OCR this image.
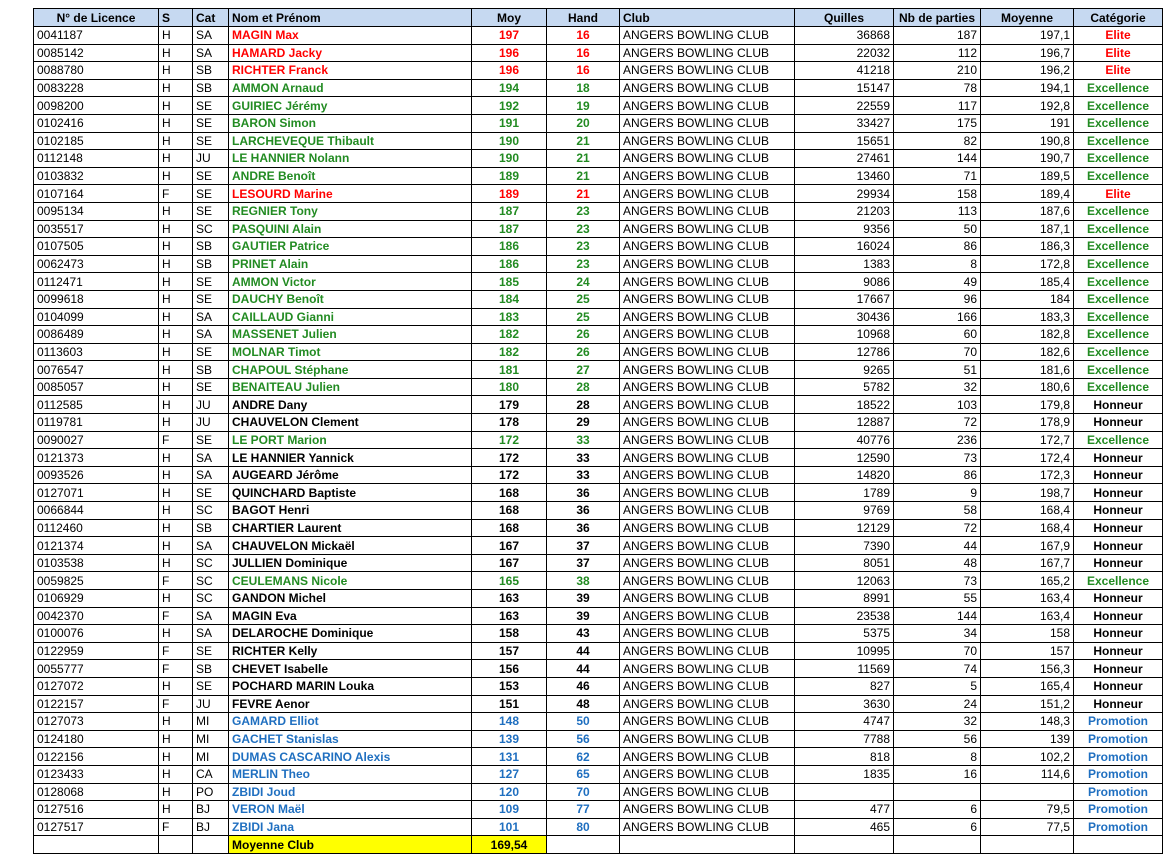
N° de Licence	S	Cat	Nom et Prénom	Moy	Hand	Club	Quilles	Nb de parties	Moyenne	Catégorie
0041187	H	SA	MAGIN Max	197	16	ANGERS BOWLING CLUB	36868	187	197,1	Elite
0085142	H	SA	HAMARD Jacky	196	16	ANGERS BOWLING CLUB	22032	112	196,7	Elite
0088780	H	SB	RICHTER Franck	196	16	ANGERS BOWLING CLUB	41218	210	196,2	Elite
0083228	H	SB	AMMON Arnaud	194	18	ANGERS BOWLING CLUB	15147	78	194,1	Excellence
0098200	H	SE	GUIRIEC Jérémy	192	19	ANGERS BOWLING CLUB	22559	117	192,8	Excellence
0102416	H	SE	BARON Simon	191	20	ANGERS BOWLING CLUB	33427	175	191	Excellence
0102185	H	SE	LARCHEVEQUE Thibault	190	21	ANGERS BOWLING CLUB	15651	82	190,8	Excellence
0112148	H	JU	LE HANNIER Nolann	190	21	ANGERS BOWLING CLUB	27461	144	190,7	Excellence
0103832	H	SE	ANDRE Benoît	189	21	ANGERS BOWLING CLUB	13460	71	189,5	Excellence
0107164	F	SE	LESOURD Marine	189	21	ANGERS BOWLING CLUB	29934	158	189,4	Elite
0095134	H	SE	REGNIER Tony	187	23	ANGERS BOWLING CLUB	21203	113	187,6	Excellence
0035517	H	SC	PASQUINI Alain	187	23	ANGERS BOWLING CLUB	9356	50	187,1	Excellence
0107505	H	SB	GAUTIER Patrice	186	23	ANGERS BOWLING CLUB	16024	86	186,3	Excellence
0062473	H	SB	PRINET Alain	186	23	ANGERS BOWLING CLUB	1383	8	172,8	Excellence
0112471	H	SE	AMMON Victor	185	24	ANGERS BOWLING CLUB	9086	49	185,4	Excellence
0099618	H	SE	DAUCHY Benoît	184	25	ANGERS BOWLING CLUB	17667	96	184	Excellence
0104099	H	SA	CAILLAUD Gianni	183	25	ANGERS BOWLING CLUB	30436	166	183,3	Excellence
0086489	H	SA	MASSENET Julien	182	26	ANGERS BOWLING CLUB	10968	60	182,8	Excellence
0113603	H	SE	MOLNAR Timot	182	26	ANGERS BOWLING CLUB	12786	70	182,6	Excellence
0076547	H	SB	CHAPOUL Stéphane	181	27	ANGERS BOWLING CLUB	9265	51	181,6	Excellence
0085057	H	SE	BENAITEAU Julien	180	28	ANGERS BOWLING CLUB	5782	32	180,6	Excellence
0112585	H	JU	ANDRE Dany	179	28	ANGERS BOWLING CLUB	18522	103	179,8	Honneur
0119781	H	JU	CHAUVELON Clement	178	29	ANGERS BOWLING CLUB	12887	72	178,9	Honneur
0090027	F	SE	LE PORT Marion	172	33	ANGERS BOWLING CLUB	40776	236	172,7	Excellence
0121373	H	SA	LE HANNIER Yannick	172	33	ANGERS BOWLING CLUB	12590	73	172,4	Honneur
0093526	H	SA	AUGEARD Jérôme	172	33	ANGERS BOWLING CLUB	14820	86	172,3	Honneur
0127071	H	SE	QUINCHARD Baptiste	168	36	ANGERS BOWLING CLUB	1789	9	198,7	Honneur
0066844	H	SC	BAGOT Henri	168	36	ANGERS BOWLING CLUB	9769	58	168,4	Honneur
0112460	H	SB	CHARTIER Laurent	168	36	ANGERS BOWLING CLUB	12129	72	168,4	Honneur
0121374	H	SA	CHAUVELON Mickaël	167	37	ANGERS BOWLING CLUB	7390	44	167,9	Honneur
0103538	H	SC	JULLIEN Dominique	167	37	ANGERS BOWLING CLUB	8051	48	167,7	Honneur
0059825	F	SC	CEULEMANS Nicole	165	38	ANGERS BOWLING CLUB	12063	73	165,2	Excellence
0106929	H	SC	GANDON Michel	163	39	ANGERS BOWLING CLUB	8991	55	163,4	Honneur
0042370	F	SA	MAGIN Eva	163	39	ANGERS BOWLING CLUB	23538	144	163,4	Honneur
0100076	H	SA	DELAROCHE Dominique	158	43	ANGERS BOWLING CLUB	5375	34	158	Honneur
0122959	F	SE	RICHTER Kelly	157	44	ANGERS BOWLING CLUB	10995	70	157	Honneur
0055777	F	SB	CHEVET Isabelle	156	44	ANGERS BOWLING CLUB	11569	74	156,3	Honneur
0127072	H	SE	POCHARD MARIN Louka	153	46	ANGERS BOWLING CLUB	827	5	165,4	Honneur
0122157	F	JU	FEVRE Aenor	151	48	ANGERS BOWLING CLUB	3630	24	151,2	Honneur
0127073	H	MI	GAMARD Elliot	148	50	ANGERS BOWLING CLUB	4747	32	148,3	Promotion
0124180	H	MI	GACHET Stanislas	139	56	ANGERS BOWLING CLUB	7788	56	139	Promotion
0122156	H	MI	DUMAS CASCARINO Alexis	131	62	ANGERS BOWLING CLUB	818	8	102,2	Promotion
0123433	H	CA	MERLIN Theo	127	65	ANGERS BOWLING CLUB	1835	16	114,6	Promotion
0128068	H	PO	ZBIDI Joud	120	70	ANGERS BOWLING CLUB				Promotion
0127516	H	BJ	VERON Maël	109	77	ANGERS BOWLING CLUB	477	6	79,5	Promotion
0127517	F	BJ	ZBIDI Jana	101	80	ANGERS BOWLING CLUB	465	6	77,5	Promotion
			Moyenne Club	169,54						
